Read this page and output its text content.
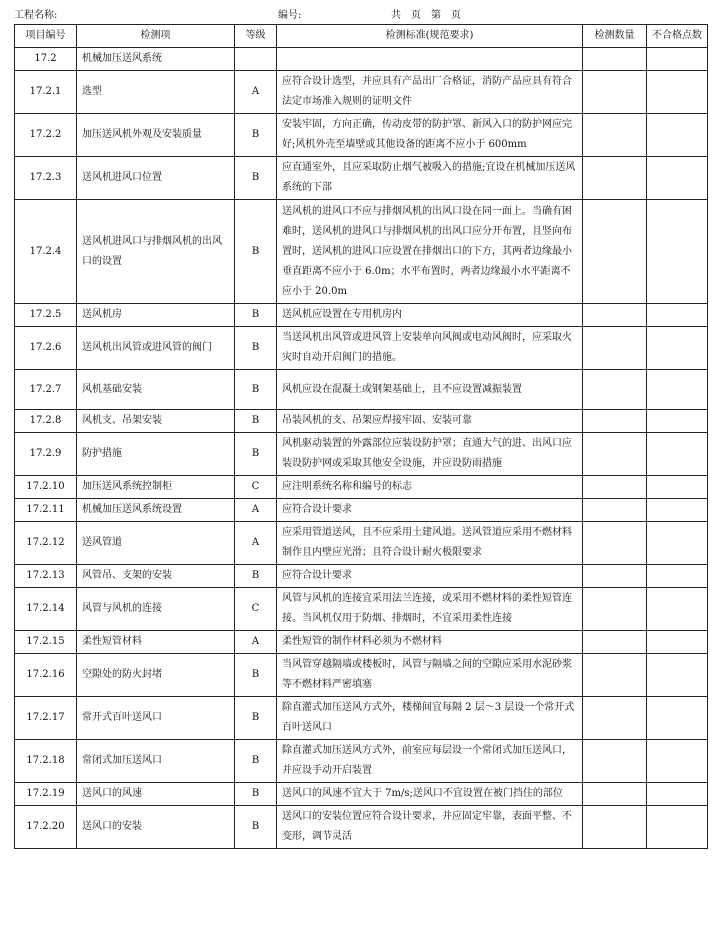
工程名称:	编号:	共　页　第　页
项目编号	检测项	等级	检测标准(规范要求)	检测数量	不合格点数
17.2	机械加压送风系统				
17.2.1	选型	A	应符合设计选型，并应具有产品出厂合格证，消防产品应具有符合法定市场准入规则的证明文件		
17.2.2	加压送风机外观及安装质量	B	安装牢固，方向正确，传动皮带的防护罩、新风入口的防护网应完好;风机外壳至墙壁或其他设备的距离不应小于 600mm		
17.2.3	送风机进风口位置	B	应直通室外，且应采取防止烟气被吸入的措施;宜设在机械加压送风系统的下部		
17.2.4	送风机进风口与排烟风机的出风口的设置	B	送风机的进风口不应与排烟风机的出风口设在同一面上。当确有困难时，送风机的进风口与排烟风机的出风口应分开布置，且竖向布置时，送风机的进风口应设置在排烟出口的下方，其两者边缘最小垂直距离不应小于 6.0m；水平布置时，两者边缘最小水平距离不应小于 20.0m		
17.2.5	送风机房	B	送风机应设置在专用机房内		
17.2.6	送风机出风管或进风管的阀门	B	当送风机出风管或进风管上安装单向风阀或电动风阀时，应采取火灾时自动开启阀门的措施。		
17.2.7	风机基础安装	B	风机应设在混凝土或钢架基础上，且不应设置减振装置		
17.2.8	风机支、吊架安装	B	吊装风机的支、吊架应焊接牢固、安装可靠		
17.2.9	防护措施	B	风机驱动装置的外露部位应装设防护罩；直通大气的进、出风口应装设防护网或采取其他安全设施，并应设防雨措施		
17.2.10	加压送风系统控制柜	C	应注明系统名称和编号的标志		
17.2.11	机械加压送风系统设置	A	应符合设计要求		
17.2.12	送风管道	A	应采用管道送风，且不应采用土建风道。送风管道应采用不燃材料制作且内壁应光滑；且符合设计耐火极限要求		
17.2.13	风管吊、支架的安装	B	应符合设计要求		
17.2.14	风管与风机的连接	C	风管与风机的连接宜采用法兰连接，或采用不燃材料的柔性短管连接。当风机仅用于防烟、排烟时，不宜采用柔性连接		
17.2.15	柔性短管材料	A	柔性短管的制作材料必须为不燃材料		
17.2.16	空隙处的防火封堵	B	当风管穿越隔墙或楼板时，风管与隔墙之间的空隙应采用水泥砂浆等不燃材料严密填塞		
17.2.17	常开式百叶送风口	B	除直灌式加压送风方式外，楼梯间宜每隔 2 层～3 层设一个常开式百叶送风口		
17.2.18	常闭式加压送风口	B	除直灌式加压送风方式外，前室应每层设一个常闭式加压送风口，并应设手动开启装置		
17.2.19	送风口的风速	B	送风口的风速不宜大于 7m/s;送风口不宜设置在被门挡住的部位		
17.2.20	送风口的安装	B	送风口的安装位置应符合设计要求，并应固定牢靠，表面平整、不变形，调节灵活		
